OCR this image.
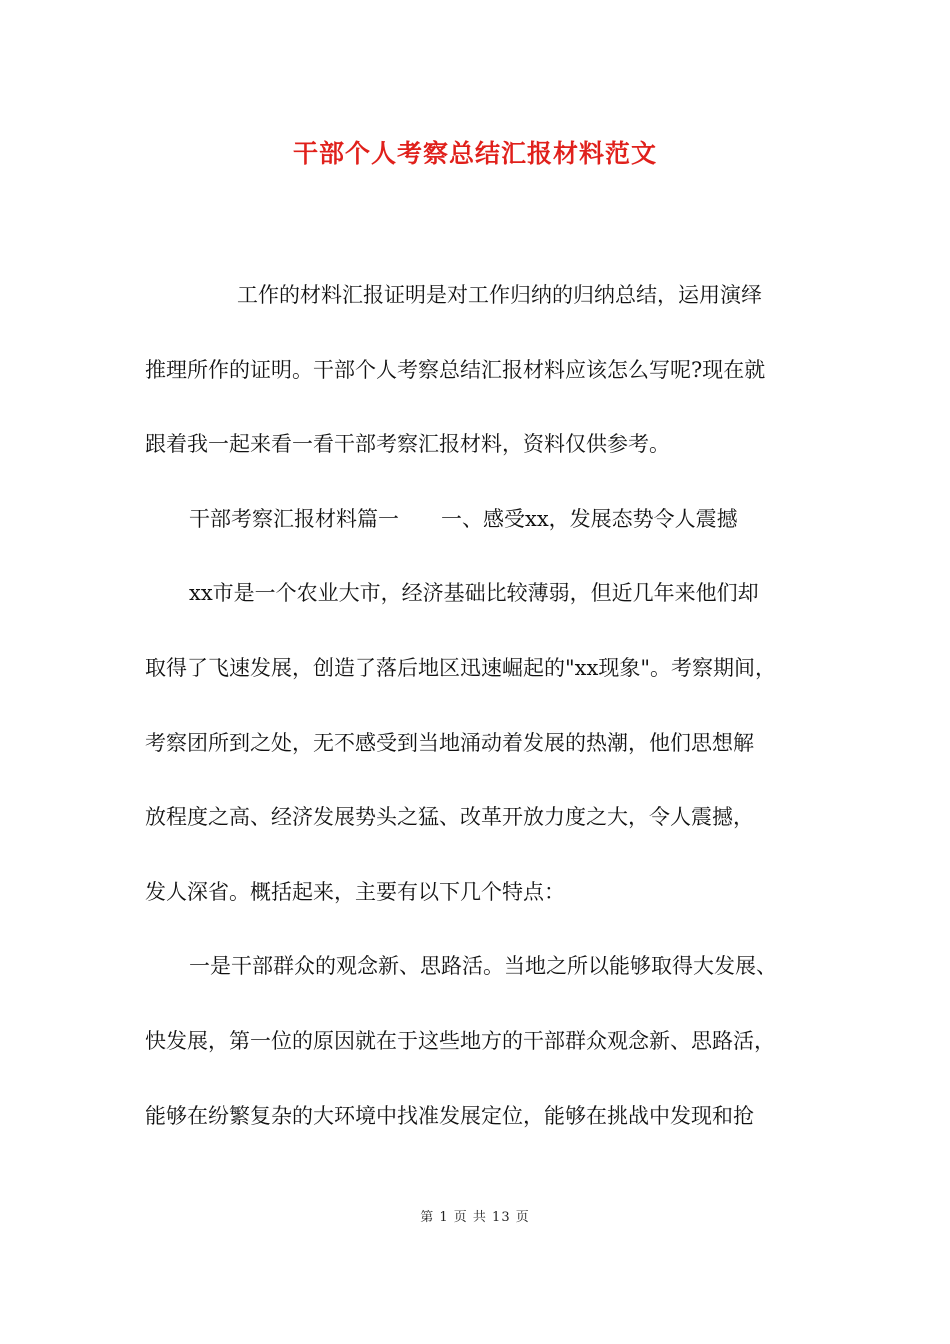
干部个人考察总结汇报材料范文

工作的材料汇报证明是对工作归纳的归纳总结，运用演绎

推理所作的证明。干部个人考察总结汇报材料应该怎么写呢?现在就

跟着我一起来看一看干部考察汇报材料，资料仅供参考。

干部考察汇报材料篇一　　一、感受xx，发展态势令人震撼

xx市是一个农业大市，经济基础比较薄弱，但近几年来他们却

取得了飞速发展，创造了落后地区迅速崛起的"xx现象"。考察期间，

考察团所到之处，无不感受到当地涌动着发展的热潮，他们思想解

放程度之高、经济发展势头之猛、改革开放力度之大，令人震撼，

发人深省。概括起来，主要有以下几个特点：

一是干部群众的观念新、思路活。当地之所以能够取得大发展、

快发展，第一位的原因就在于这些地方的干部群众观念新、思路活，

能够在纷繁复杂的大环境中找准发展定位，能够在挑战中发现和抢

第 1 页 共 13 页
